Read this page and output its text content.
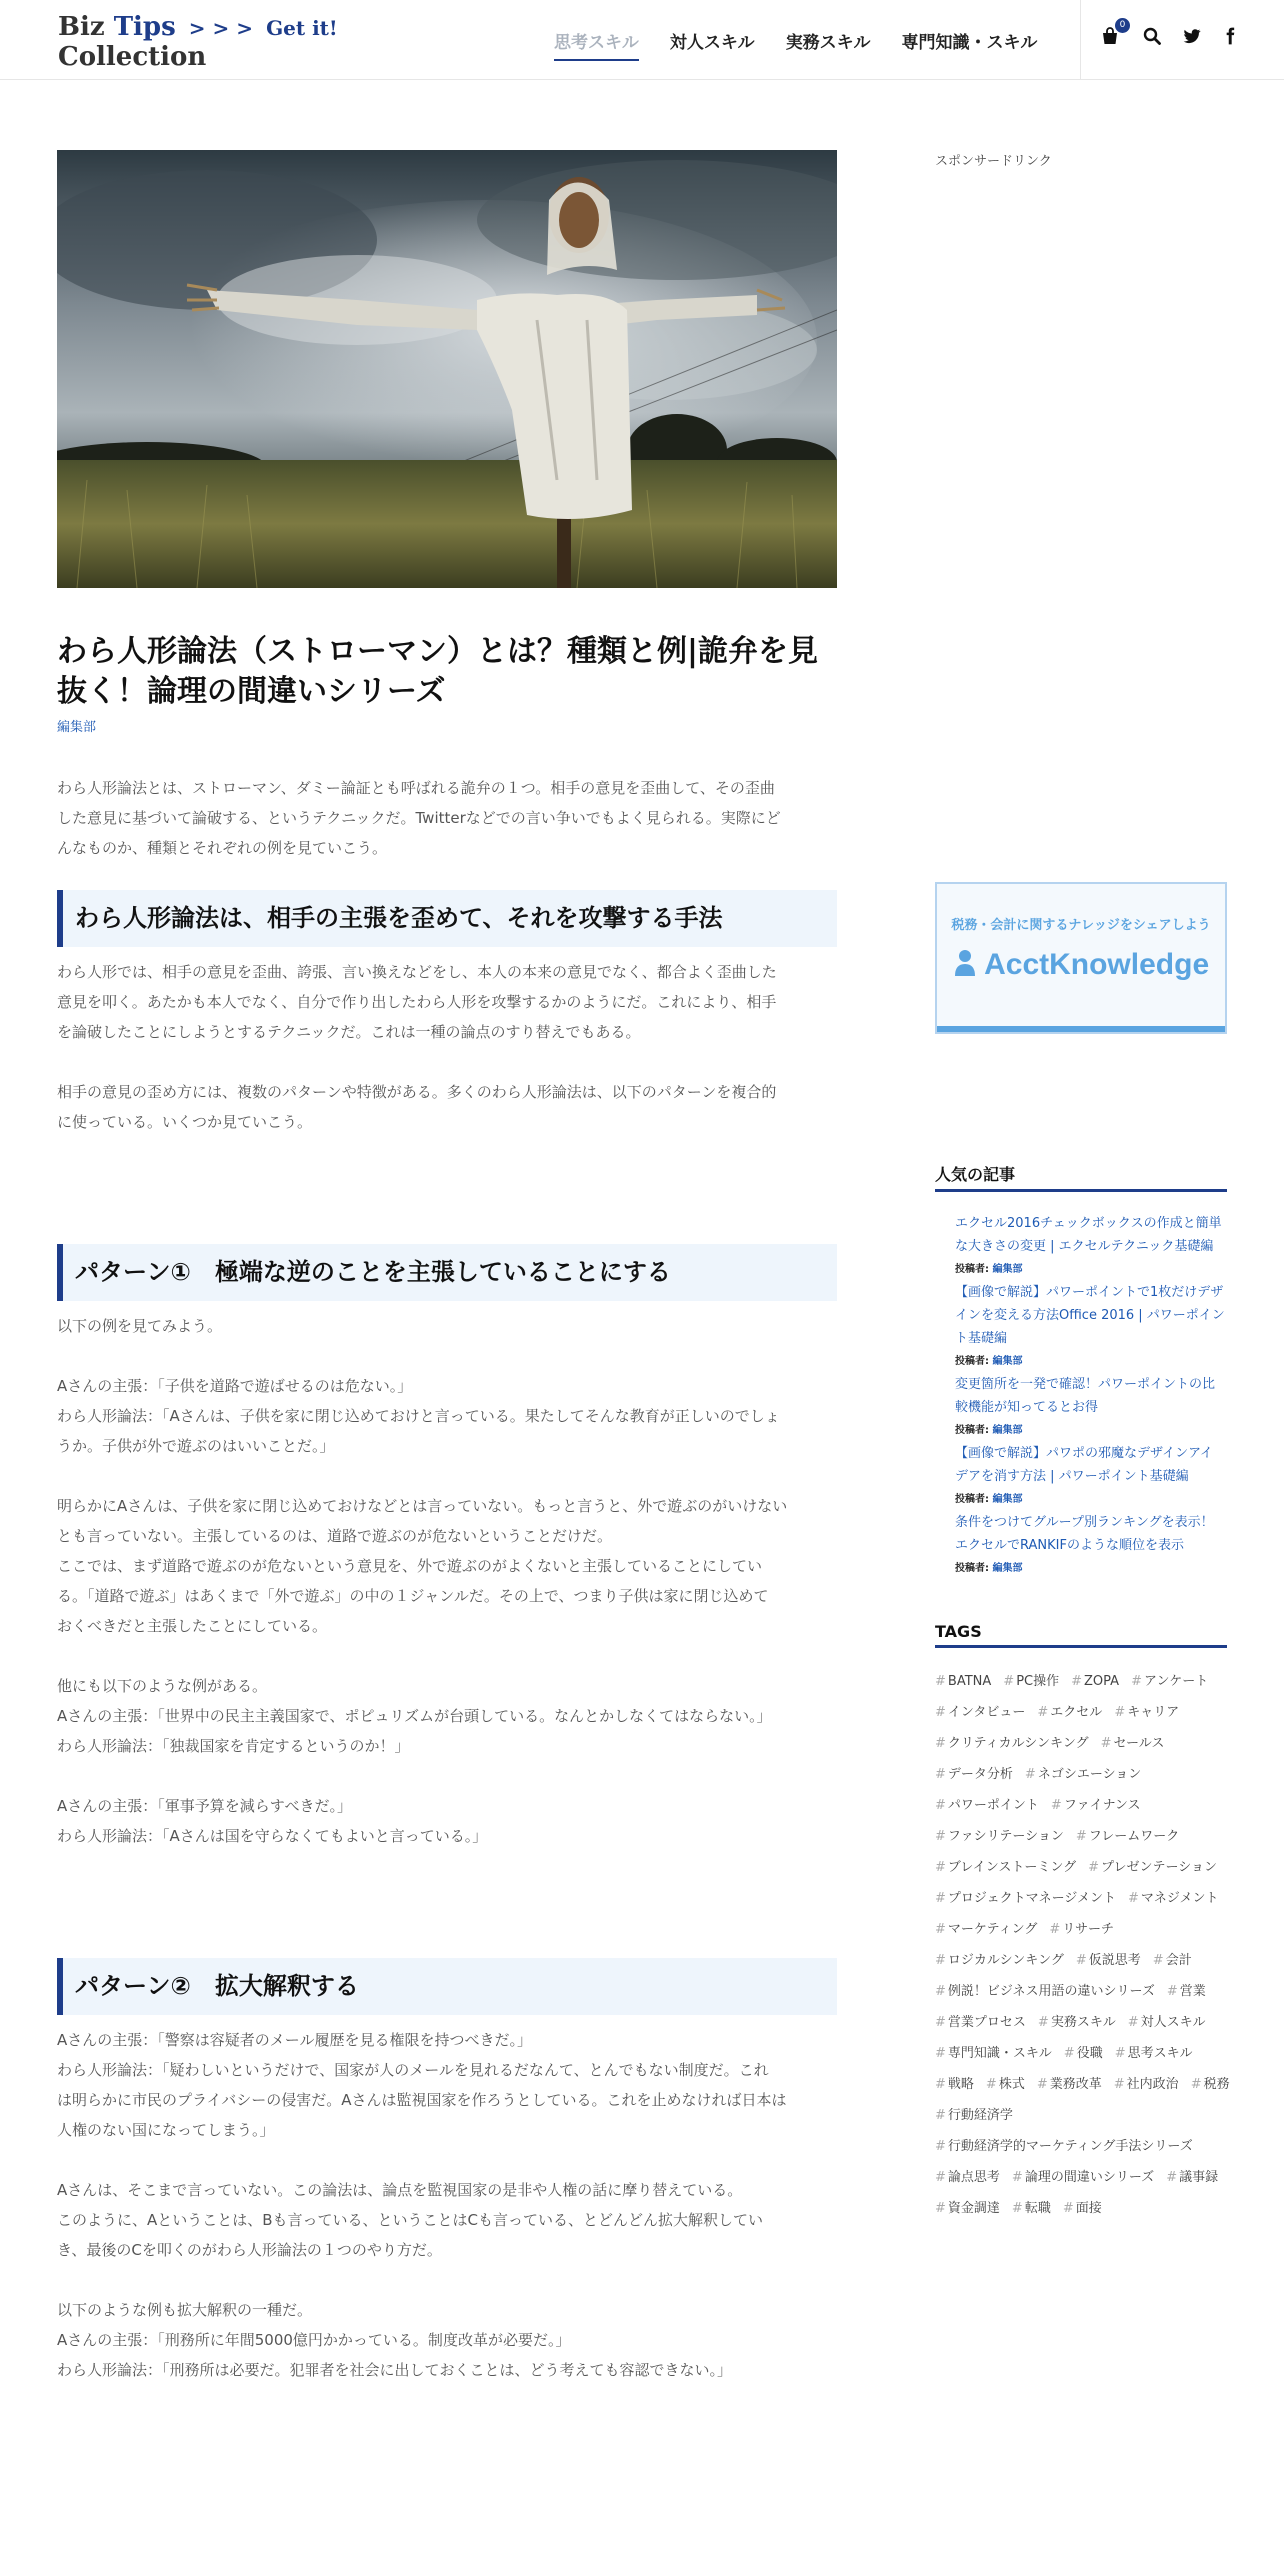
Biz Tips > > > Get it!
Collection	思考スキル 対人スキル 実務スキル 専門知識・スキル
0
わら人形論法（ストローマン）とは？種類と例|詭弁を見抜く！論理の間違いシリーズ
編集部

わら人形論法とは、ストローマン、ダミー論証とも呼ばれる詭弁の１つ。相手の意見を歪曲して、その歪曲

した意見に基づいて論破する、というテクニックだ。Twitterなどでの言い争いでもよく見られる。実際にど

んなものか、種類とそれぞれの例を見ていこう。

わら人形論法は、相手の主張を歪めて、それを攻撃する手法

わら人形では、相手の意見を歪曲、誇張、言い換えなどをし、本人の本来の意見でなく、都合よく歪曲した

意見を叩く。あたかも本人でなく、自分で作り出したわら人形を攻撃するかのようにだ。これにより、相手

を論破したことにしようとするテクニックだ。これは一種の論点のすり替えでもある。

相手の意見の歪め方には、複数のパターンや特徴がある。多くのわら人形論法は、以下のパターンを複合的

に使っている。いくつか見ていこう。

パターン①　極端な逆のことを主張していることにする

以下の例を見てみよう。

Aさんの主張：「子供を道路で遊ばせるのは危ない。」

わら人形論法：「Aさんは、子供を家に閉じ込めておけと言っている。果たしてそんな教育が正しいのでしょ

うか。子供が外で遊ぶのはいいことだ。」

明らかにAさんは、子供を家に閉じ込めておけなどとは言っていない。もっと言うと、外で遊ぶのがいけない

とも言っていない。主張しているのは、道路で遊ぶのが危ないということだけだ。

ここでは、まず道路で遊ぶのが危ないという意見を、外で遊ぶのがよくないと主張していることにしてい

る。「道路で遊ぶ」はあくまで「外で遊ぶ」の中の１ジャンルだ。その上で、つまり子供は家に閉じ込めて

おくべきだと主張したことにしている。

他にも以下のような例がある。

Aさんの主張：「世界中の民主主義国家で、ポピュリズムが台頭している。なんとかしなくてはならない。」

わら人形論法：「独裁国家を肯定するというのか！」

Aさんの主張：「軍事予算を減らすべきだ。」

わら人形論法：「Aさんは国を守らなくてもよいと言っている。」

パターン②　拡大解釈する

Aさんの主張：「警察は容疑者のメール履歴を見る権限を持つべきだ。」

わら人形論法：「疑わしいというだけで、国家が人のメールを見れるだなんて、とんでもない制度だ。これ

は明らかに市民のプライバシーの侵害だ。Aさんは監視国家を作ろうとしている。これを止めなければ日本は

人権のない国になってしまう。」

Aさんは、そこまで言っていない。この論法は、論点を監視国家の是非や人権の話に摩り替えている。

このように、Aということは、Bも言っている、ということはCも言っている、とどんどん拡大解釈してい

き、最後のCを叩くのがわら人形論法の１つのやり方だ。

以下のような例も拡大解釈の一種だ。

Aさんの主張：「刑務所に年間5000億円かかっている。制度改革が必要だ。」

わら人形論法：「刑務所は必要だ。犯罪者を社会に出しておくことは、どう考えても容認できない。」

スポンサードリンク
税務・会計に関するナレッジをシェアしよう
AcctKnowledge
人気の記事
エクセル2016チェックボックスの作成と簡単
な大きさの変更 | エクセルテクニック基礎編
投稿者: 編集部
【画像で解説】パワーポイントで1枚だけデザ
インを変える方法Office 2016 | パワーポイン
ト基礎編
投稿者: 編集部
変更箇所を一発で確認！パワーポイントの比
較機能が知ってるとお得
投稿者: 編集部
【画像で解説】パワポの邪魔なデザインアイ
デアを消す方法 | パワーポイント基礎編
投稿者: 編集部
条件をつけてグループ別ランキングを表示！
エクセルでRANKIFのような順位を表示
投稿者: 編集部
TAGS
# BATNA # PC操作 # ZOPA # アンケート
# インタビュー # エクセル # キャリア
# クリティカルシンキング # セールス
# データ分析 # ネゴシエーション
# パワーポイント # ファイナンス
# ファシリテーション # フレームワーク
# ブレインストーミング # プレゼンテーション
# プロジェクトマネージメント # マネジメント
# マーケティング # リサーチ
# ロジカルシンキング # 仮説思考 # 会計
# 例説！ビジネス用語の違いシリーズ # 営業
# 営業プロセス # 実務スキル # 対人スキル
# 専門知識・スキル # 役職 # 思考スキル
# 戦略 # 株式 # 業務改革 # 社内政治 # 税務
# 行動経済学
# 行動経済学的マーケティング手法シリーズ
# 論点思考 # 論理の間違いシリーズ # 議事録
# 資金調達 # 転職 # 面接
